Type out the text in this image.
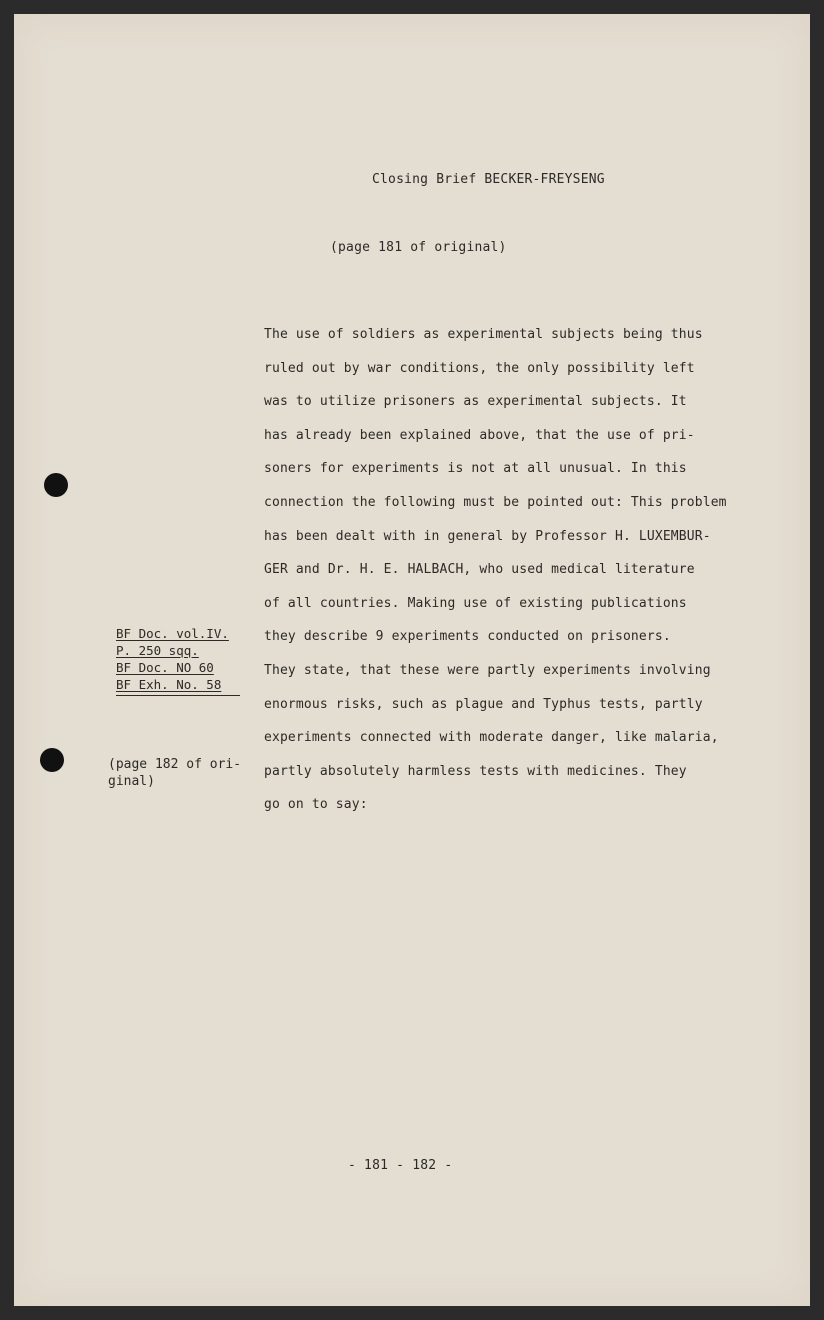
Closing Brief BECKER-FREYSENG
(page 181 of original)
The use of soldiers as experimental subjects being thus
ruled out by war conditions, the only possibility left
was to utilize prisoners as experimental subjects. It
has already been explained above, that the use of pri-
soners for experiments is not at all unusual. In this
connection the following must be pointed out: This problem
has been dealt with in general by Professor H. LUXEMBUR-
GER and Dr. H. E. HALBACH, who used medical literature
of all countries. Making use of existing publications
they describe 9 experiments conducted on prisoners.
They state, that these were partly experiments involving
enormous risks, such as plague and Typhus tests, partly
experiments connected with moderate danger, like malaria,
partly absolutely harmless tests with medicines. They
go on to say:
BF Doc. vol.IV.
P. 250 sqq.
BF Doc. NO 60
BF Exh. No. 58
(page 182 of ori-
ginal)
- 181 - 182 -
